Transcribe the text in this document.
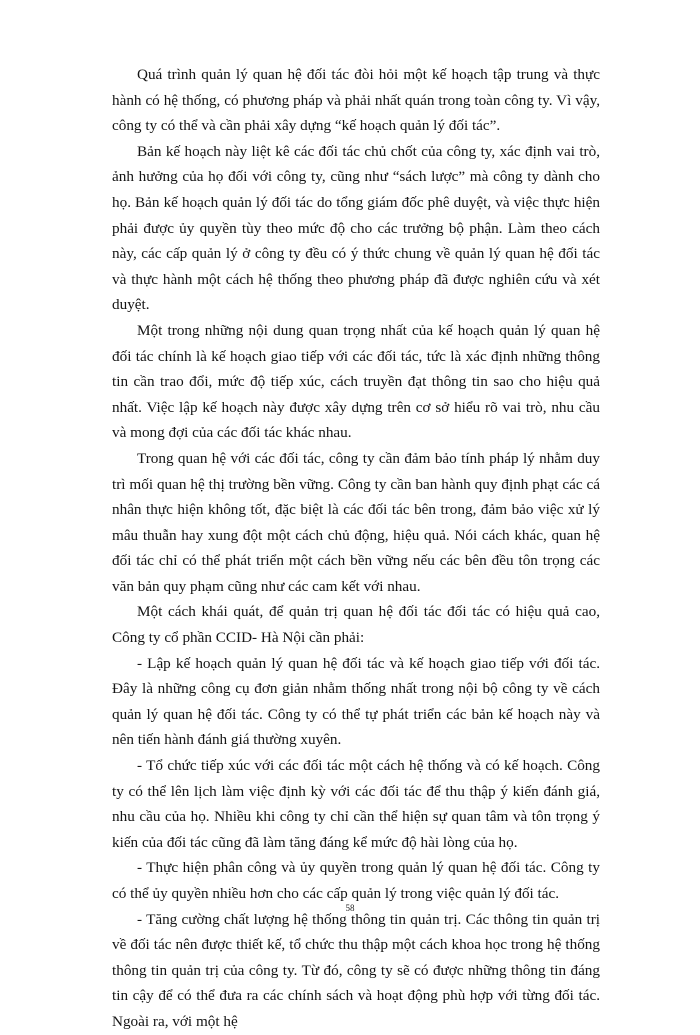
Quá trình quản lý quan hệ đối tác đòi hỏi một kế hoạch tập trung và thực hành có hệ thống, có phương pháp và phải nhất quán trong toàn công ty. Vì vậy, công ty có thể và cần phải xây dựng “kế hoạch quản lý đối tác”.

Bản kế hoạch này liệt kê các đối tác chủ chốt của công ty, xác định vai trò, ảnh hưởng của họ đối với công ty, cũng như “sách lược” mà công ty dành cho họ. Bản kế hoạch quản lý đối tác do tổng giám đốc phê duyệt, và việc thực hiện phải được ủy quyền tùy theo mức độ cho các trưởng bộ phận. Làm theo cách này, các cấp quản lý ở công ty đều có ý thức chung về quản lý quan hệ đối tác và thực hành một cách hệ thống theo phương pháp đã được nghiên cứu và xét duyệt.

Một trong những nội dung quan trọng nhất của kế hoạch quản lý quan hệ đối tác chính là kế hoạch giao tiếp với các đối tác, tức là xác định những thông tin cần trao đổi, mức độ tiếp xúc, cách truyền đạt thông tin sao cho hiệu quả nhất. Việc lập kế hoạch này được xây dựng trên cơ sở hiểu rõ vai trò, nhu cầu và mong đợi của các đối tác khác nhau.

Trong quan hệ với các đối tác, công ty cần đảm bảo tính pháp lý nhằm duy trì mối quan hệ thị trường bền vững. Công ty cần ban hành quy định phạt các cá nhân thực hiện không tốt, đặc biệt là các đối tác bên trong, đảm bảo việc xử lý mâu thuẫn hay xung đột một cách chủ động, hiệu quả. Nói cách khác, quan hệ đối tác chỉ có thể phát triển một cách bền vững nếu các bên đều tôn trọng các văn bản quy phạm cũng như các cam kết với nhau.

Một cách khái quát, để quản trị quan hệ đối tác đối tác có hiệu quả cao, Công ty cổ phần CCID- Hà Nội cần phải:

- Lập kế hoạch quản lý quan hệ đối tác và kế hoạch giao tiếp với đối tác. Đây là những công cụ đơn giản nhằm thống nhất trong nội bộ công ty về cách quản lý quan hệ đối tác. Công ty có thể tự phát triển các bản kế hoạch này và nên tiến hành đánh giá thường xuyên.

- Tổ chức tiếp xúc với các đối tác một cách hệ thống và có kế hoạch. Công ty có thể lên lịch làm việc định kỳ với các đối tác để thu thập ý kiến đánh giá, nhu cầu của họ. Nhiều khi công ty chỉ cần thể hiện sự quan tâm và tôn trọng ý kiến của đối tác cũng đã làm tăng đáng kể mức độ hài lòng của họ.

- Thực hiện phân công và ủy quyền trong quản lý quan hệ đối tác. Công ty có thể ủy quyền nhiều hơn cho các cấp quản lý trong việc quản lý đối tác.

- Tăng cường chất lượng hệ thống thông tin quản trị. Các thông tin quản trị về đối tác nên được thiết kế, tổ chức thu thập một cách khoa học trong hệ thống thông tin quản trị của công ty. Từ đó, công ty sẽ có được những thông tin đáng tin cậy để có thể đưa ra các chính sách và hoạt động phù hợp với từng đối tác. Ngoài ra, với một hệ

58
